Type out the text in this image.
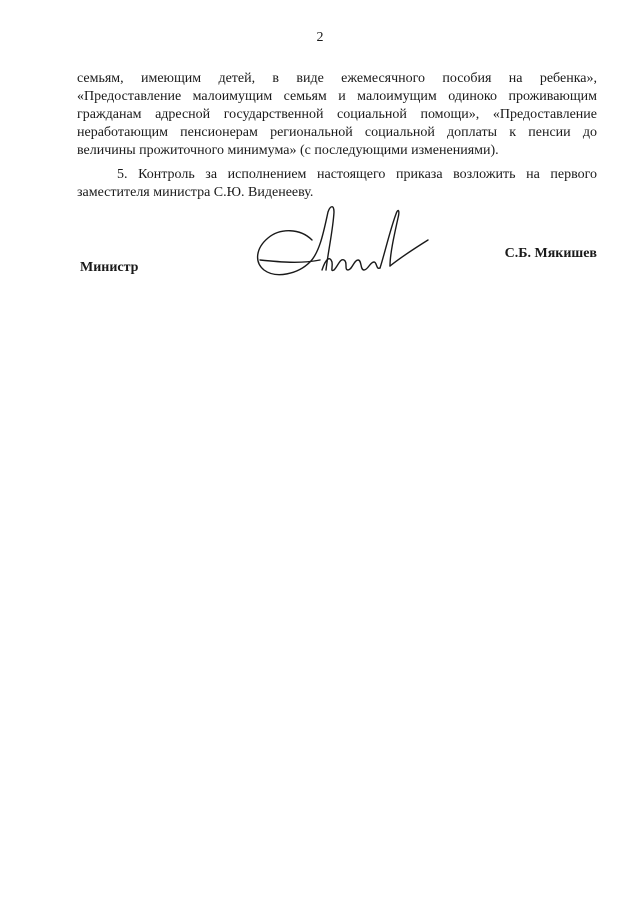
2
семьям, имеющим детей, в виде ежемесячного пособия на ребенка»,
«Предоставление малоимущим семьям и малоимущим одиноко проживающим
гражданам адресной государственной социальной помощи», «Предоставление
неработающим пенсионерам региональной социальной доплаты к пенсии до
величины прожиточного минимума» (с последующими изменениями).
5. Контроль за исполнением настоящего приказа возложить на первого
заместителя министра С.Ю. Виденееву.
Министр
С.Б. Мякишев
